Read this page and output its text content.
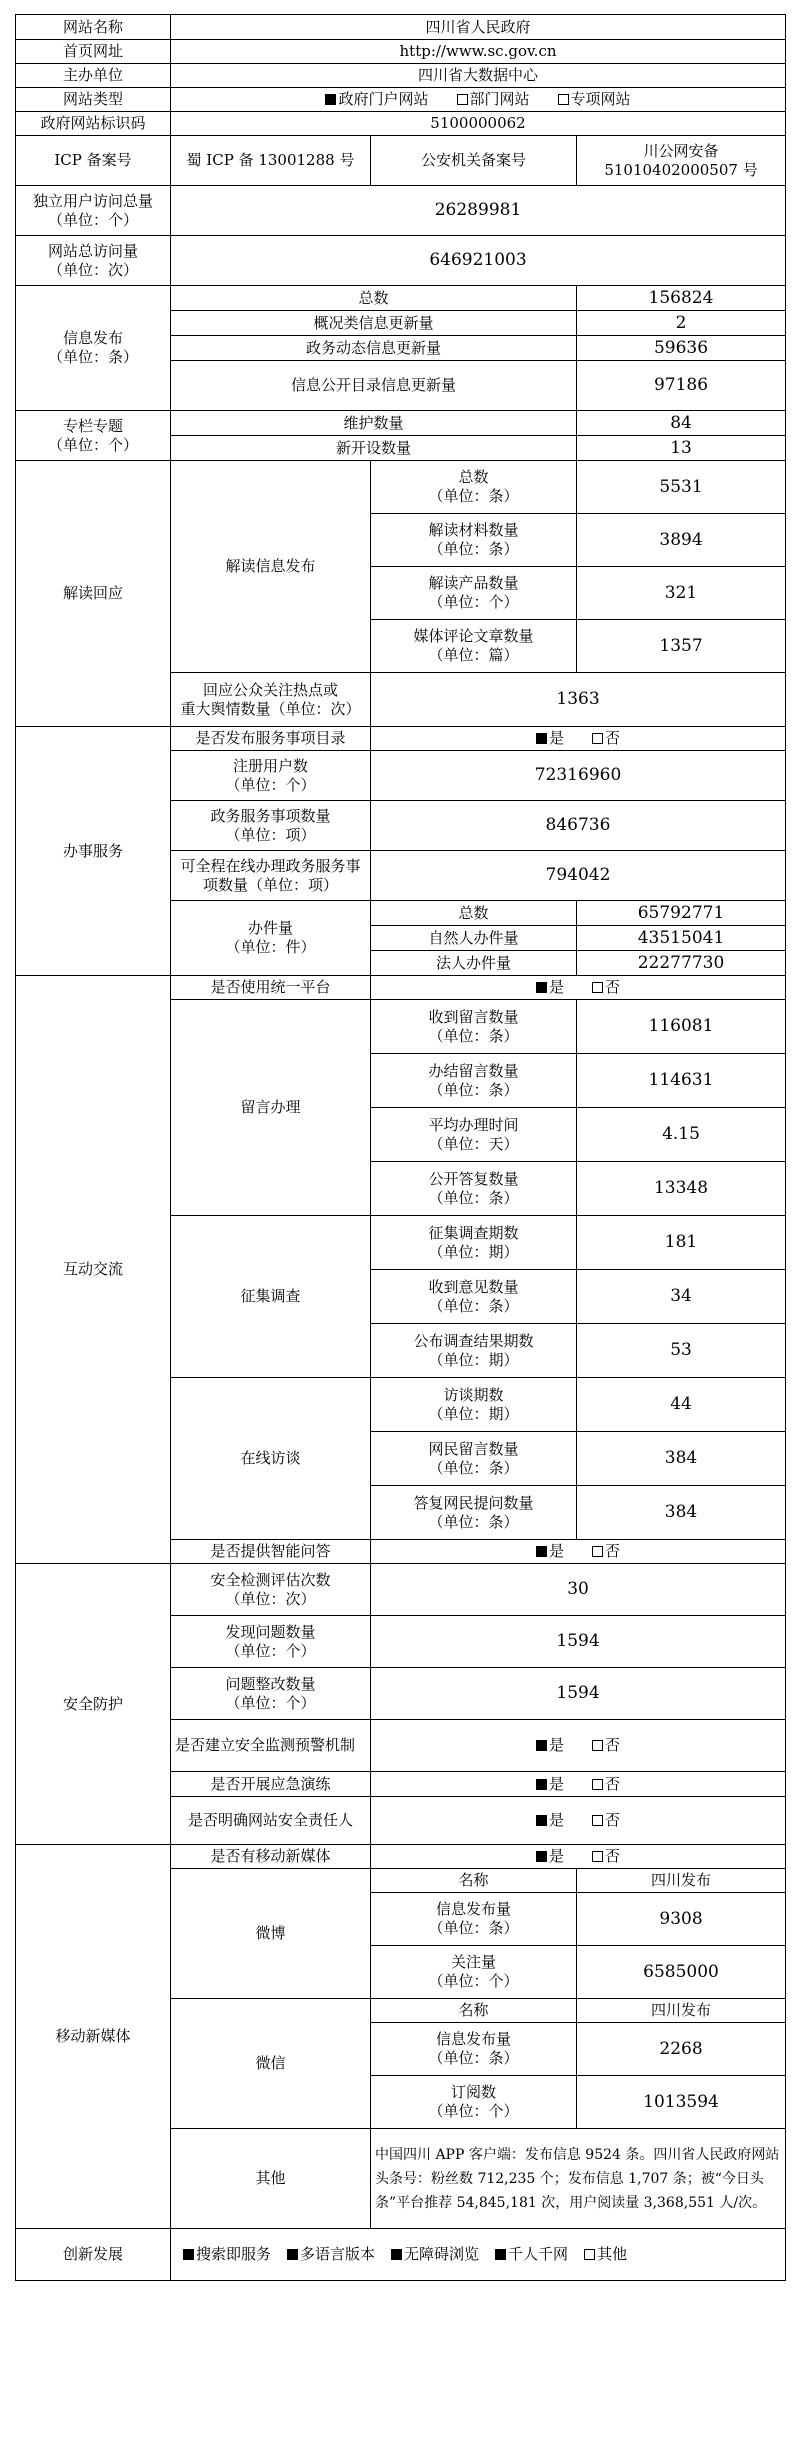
网站名称	四川省人民政府		
首页网址	http://www.sc.gov.cn		
主办单位	四川省大数据中心		
网站类型	政府门户网站 部门网站 专项网站		
政府网站标识码	5100000062		
ICP 备案号	蜀 ICP 备 13001288 号	公安机关备案号	川公网安备
51010402000507 号
独立用户访问总量
（单位：个）	26289981		
网站总访问量
（单位：次）	646921003		
信息发布
（单位：条）	总数		156824
	概况类信息更新量		2
	政务动态信息更新量		59636
	信息公开目录信息更新量		97186
专栏专题
（单位：个）	维护数量		84
	新开设数量		13
解读回应	解读信息发布	总数
（单位：条）	5531
		解读材料数量
（单位：条）	3894
		解读产品数量
（单位：个）	321
		媒体评论文章数量
（单位：篇）	1357
	回应公众关注热点或
重大舆情数量（单位：次）	1363	
办事服务	是否发布服务事项目录	是 否	
	注册用户数
（单位：个）	72316960	
	政务服务事项数量
（单位：项）	846736	
	可全程在线办理政务服务事项数量（单位：项）	794042	
	办件量
（单位：件）	总数	65792771
		自然人办件量	43515041
		法人办件量	22277730
互动交流	是否使用统一平台	是 否	
	留言办理	收到留言数量
（单位：条）	116081
		办结留言数量
（单位：条）	114631
		平均办理时间
（单位：天）	4.15
		公开答复数量
（单位：条）	13348
	征集调查	征集调查期数
（单位：期）	181
		收到意见数量
（单位：条）	34
		公布调查结果期数
（单位：期）	53
	在线访谈	访谈期数
（单位：期）	44
		网民留言数量
（单位：条）	384
		答复网民提问数量
（单位：条）	384
	是否提供智能问答	是 否	
安全防护	安全检测评估次数
（单位：次）	30	
	发现问题数量
（单位：个）	1594	
	问题整改数量
（单位：个）	1594	
	是否建立安全监测预警机制	是 否	
	是否开展应急演练	是 否	
	是否明确网站安全责任人	是 否	
移动新媒体	是否有移动新媒体	是 否	
	微博	名称	四川发布
		信息发布量
（单位：条）	9308
		关注量
（单位：个）	6585000
	微信	名称	四川发布
		信息发布量
（单位：条）	2268
		订阅数
（单位：个）	1013594
	其他	中国四川 APP 客户端：发布信息 9524 条。四川省人民政府网站头条号：粉丝数 712,235 个；发布信息 1,707 条；被“今日头条”平台推荐 54,845,181 次，用户阅读量 3,368,551 人/次。	
创新发展	搜索即服务 多语言版本 无障碍浏览 千人千网 其他		
